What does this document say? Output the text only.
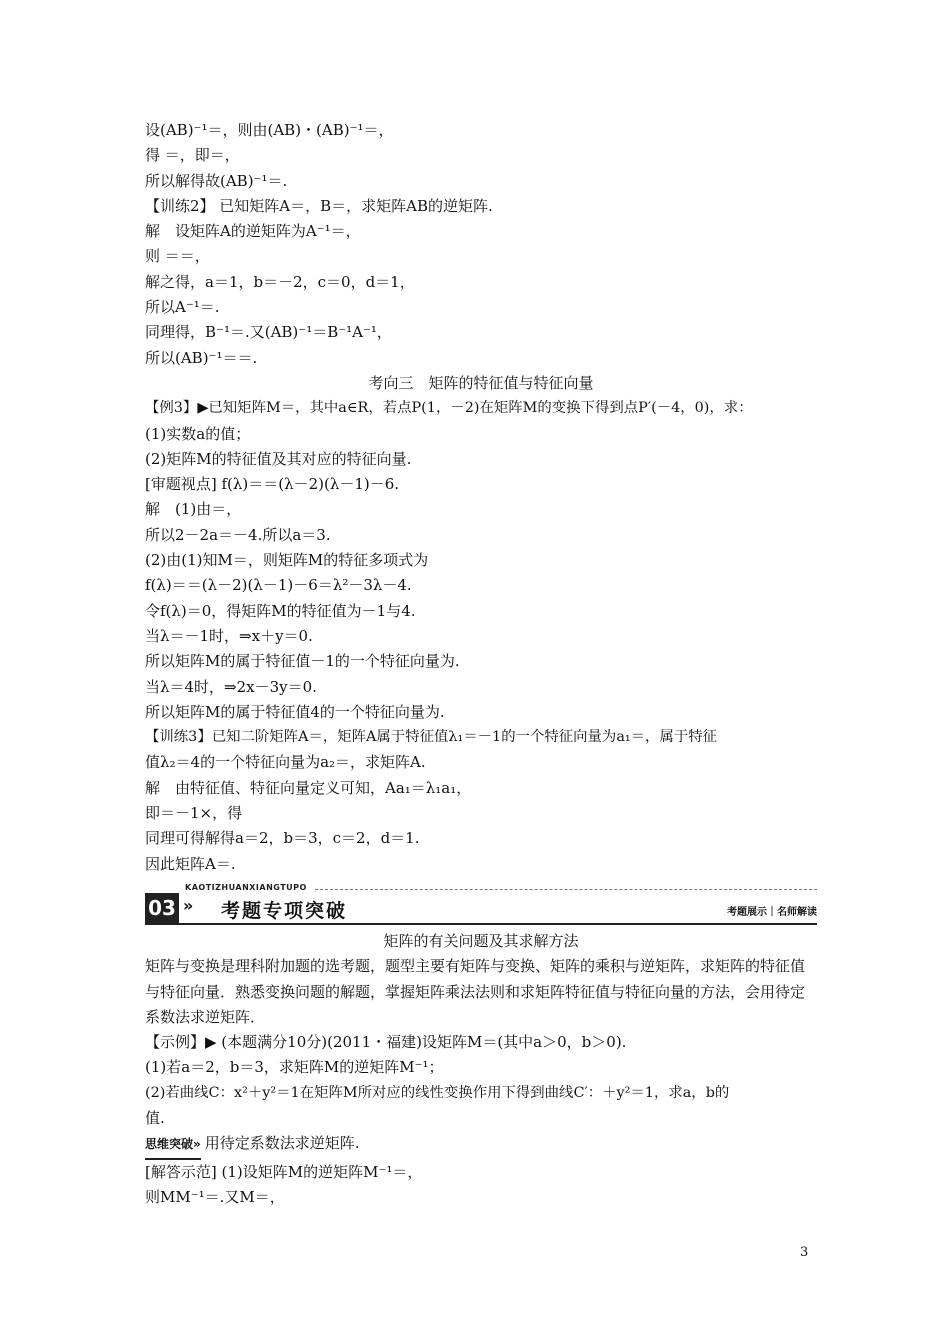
设(AB)⁻¹＝，则由(AB)・(AB)⁻¹＝，
得 ＝，即＝，
所以解得故(AB)⁻¹＝.
【训练2】 已知矩阵A＝，B＝，求矩阵AB的逆矩阵.
解　设矩阵A的逆矩阵为A⁻¹＝，
则 ＝＝，
解之得，a＝1，b＝－2，c＝0，d＝1，
所以A⁻¹＝.
同理得，B⁻¹＝.又(AB)⁻¹＝B⁻¹A⁻¹，
所以(AB)⁻¹＝＝.
考向三　矩阵的特征值与特征向量
【例3】▶已知矩阵M＝，其中a∈R，若点P(1，－2)在矩阵M的变换下得到点P′(－4，0)，求：
(1)实数a的值；
(2)矩阵M的特征值及其对应的特征向量.
[审题视点] f(λ)＝＝(λ－2)(λ－1)－6.
解　(1)由＝，
所以2－2a＝－4.所以a＝3.
(2)由(1)知M＝，则矩阵M的特征多项式为
f(λ)＝＝(λ－2)(λ－1)－6＝λ²－3λ－4.
令f(λ)＝0，得矩阵M的特征值为－1与4.
当λ＝－1时，⇒x＋y＝0.
所以矩阵M的属于特征值－1的一个特征向量为.
当λ＝4时，⇒2x－3y＝0.
所以矩阵M的属于特征值4的一个特征向量为.
【训练3】已知二阶矩阵A＝，矩阵A属于特征值λ₁＝－1的一个特征向量为a₁＝，属于特征
值λ₂＝4的一个特征向量为a₂＝，求矩阵A.
解　由特征值、特征向量定义可知，Aa₁＝λ₁a₁，
即＝－1×，得
同理可得解得a＝2，b＝3，c＝2，d＝1.
因此矩阵A＝.
KAOTIZHUANXIANGTUPO
03 » 考题专项突破	考题展示｜名师解读
矩阵的有关问题及其求解方法
矩阵与变换是理科附加题的选考题，题型主要有矩阵与变换、矩阵的乘积与逆矩阵，求矩阵的特征值与特征向量．熟悉变换问题的解题，掌握矩阵乘法法则和求矩阵特征值与特征向量的方法，会用待定系数法求逆矩阵．
【示例】▶ (本题满分10分)(2011・福建)设矩阵M＝(其中a＞0，b＞0).
(1)若a＝2，b＝3，求矩阵M的逆矩阵M⁻¹；
(2)若曲线C：x²＋y²＝1在矩阵M所对应的线性变换作用下得到曲线C′：＋y²＝1，求a，b的
值.
思维突破» 用待定系数法求逆矩阵.
[解答示范] (1)设矩阵M的逆矩阵M⁻¹＝，
则MM⁻¹＝.又M＝，
3
